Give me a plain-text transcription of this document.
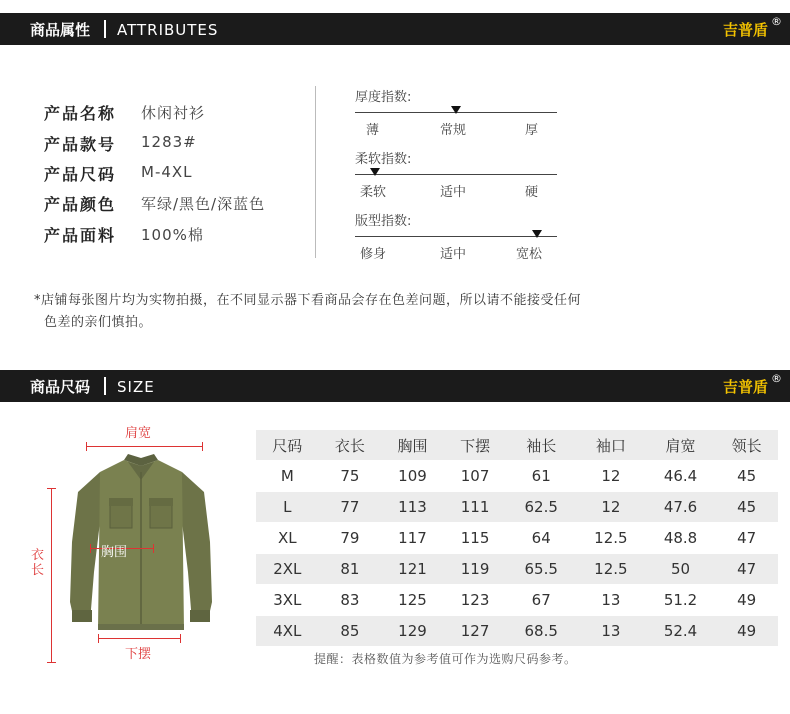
商品属性 ATTRIBUTES	吉普盾 ®
产品名称 休闲衬衫
产品款号 1283#
产品尺码 M-4XL
产品颜色 军绿/黑色/深蓝色
产品面料 100%棉
厚度指数:
薄	常规	厚
柔软指数:
柔软	适中	硬
版型指数:
修身	适中	宽松
*店铺每张图片均为实物拍摄，在不同显示器下看商品会存在色差问题，所以请不能接受任何
色差的亲们慎拍。
商品尺码 SIZE	吉普盾 ®
肩宽
衣长
胸围
下摆
尺码	衣长	胸围	下摆	袖长	袖口	肩宽	领长
M	75	109	107	61	12	46.4	45
L	77	113	111	62.5	12	47.6	45
XL	79	117	115	64	12.5	48.8	47
2XL	81	121	119	65.5	12.5	50	47
3XL	83	125	123	67	13	51.2	49
4XL	85	129	127	68.5	13	52.4	49
提醒：表格数值为参考值可作为选购尺码参考。
